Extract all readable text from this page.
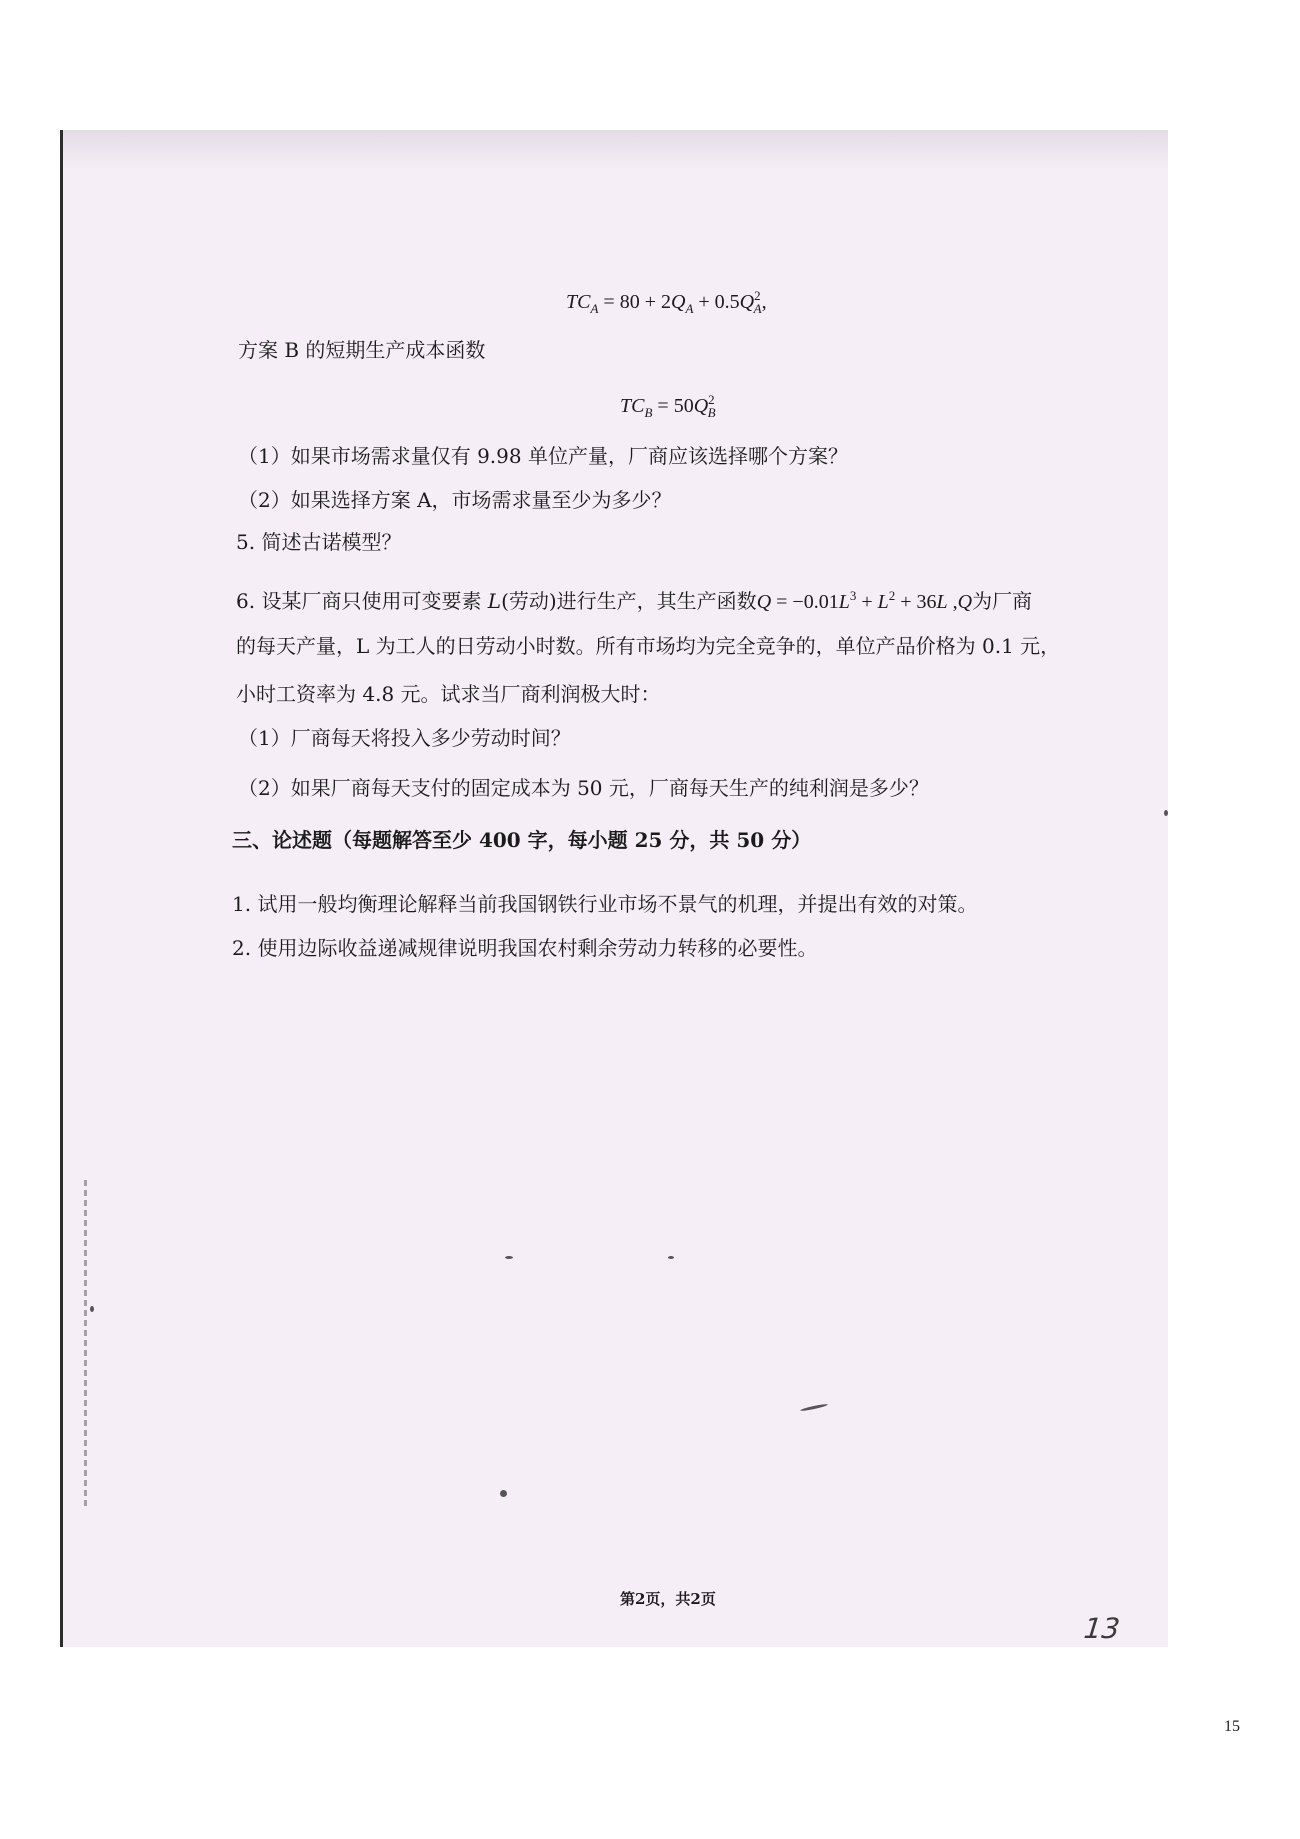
$TC_A = 80 + 2Q_A + 0.5Q^2_A$,
方案 B 的短期生产成本函数
$TC_B = 50Q^2_B$
（1）如果市场需求量仅有 9.98 单位产量，厂商应该选择哪个方案？
（2）如果选择方案 A，市场需求量至少为多少？
5. 简述古诺模型？
6. 设某厂商只使用可变要素 L(劳动)进行生产，其生产函数$Q = -0.01L^3 + L^2 + 36L$ ,Q为厂商
的每天产量，L 为工人的日劳动小时数。所有市场均为完全竞争的，单位产品价格为 0.1 元，
小时工资率为 4.8 元。试求当厂商利润极大时：
（1）厂商每天将投入多少劳动时间？
（2）如果厂商每天支付的固定成本为 50 元，厂商每天生产的纯利润是多少？
三、论述题（每题解答至少 400 字，每小题 25 分，共 50 分）
1. 试用一般均衡理论解释当前我国钢铁行业市场不景气的机理，并提出有效的对策。
2. 使用边际收益递减规律说明我国农村剩余劳动力转移的必要性。
第2页，共2页
13
15
